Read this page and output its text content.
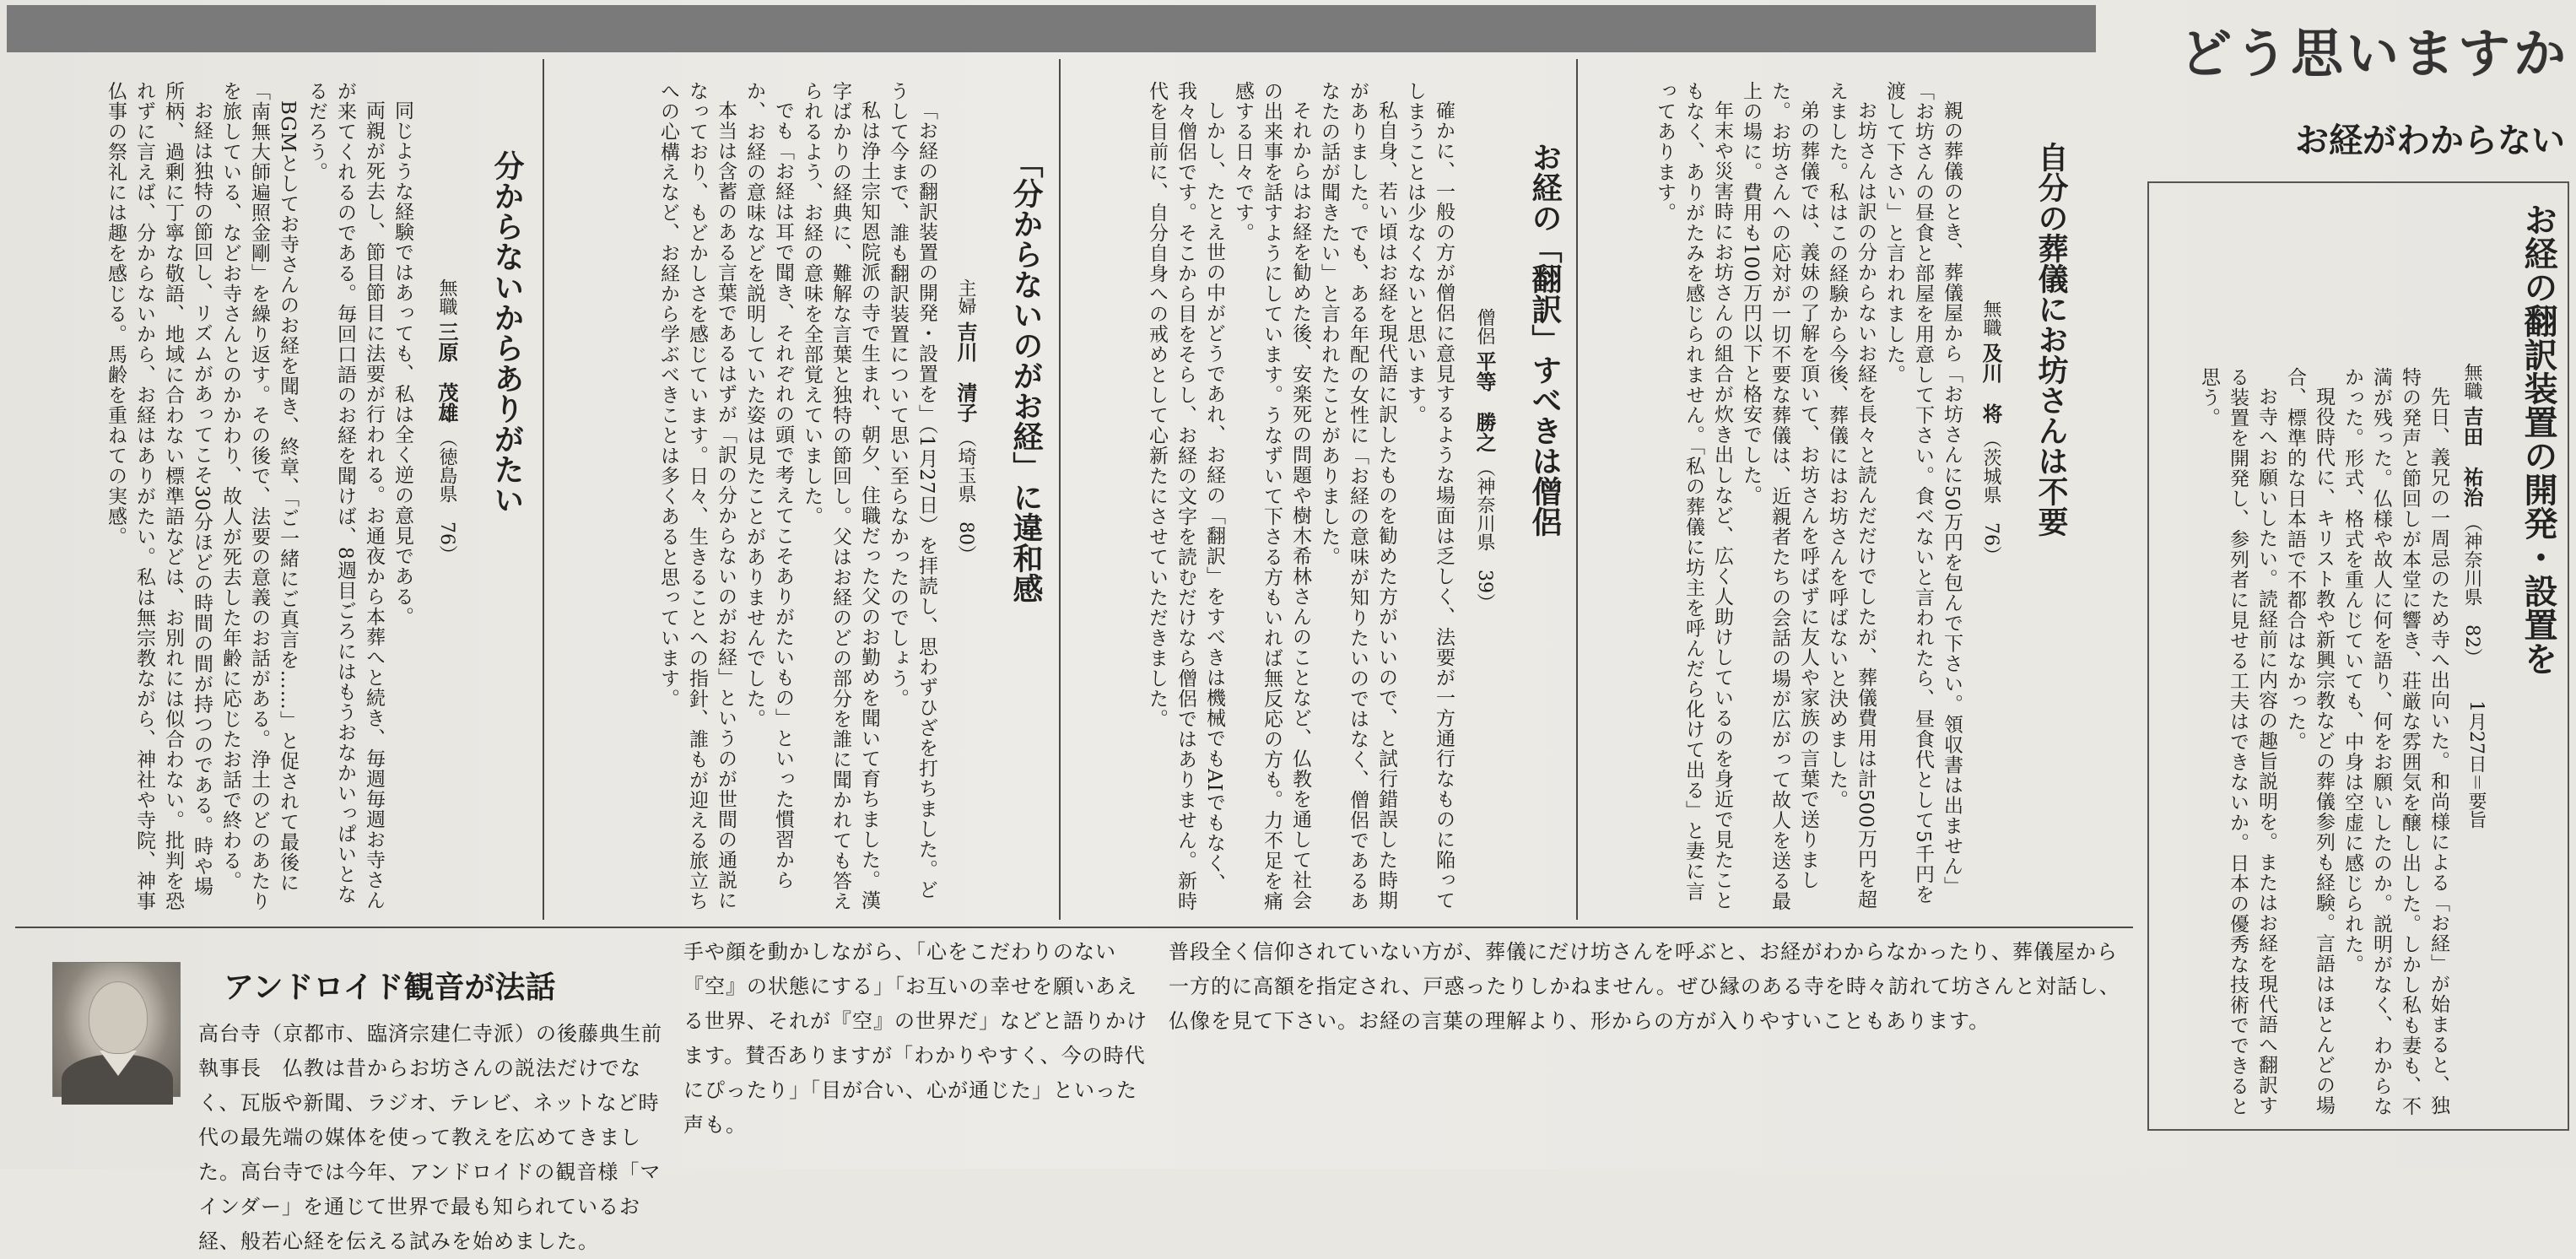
どう思いますか
お経がわからない
お経の翻訳装置の開発・設置を
1月27日＝要旨
無職 吉田　祐治 （神奈川県　82）

先日、義兄の一周忌のため寺へ出向いた。和尚様による「お経」が始まると、独特の発声と節回しが本堂に響き、荘厳な雰囲気を醸し出した。しかし私も妻も、不満が残った。仏様や故人に何を語り、何をお願いしたのか。説明がなく、わからなかった。形式、格式を重んじていても、中身は空虚に感じられた。

現役時代に、キリスト教や新興宗教などの葬儀参列も経験。言語はほとんどの場合、標準的な日本語で不都合はなかった。

お寺へお願いしたい。読経前に内容の趣旨説明を。またはお経を現代語へ翻訳する装置を開発し、参列者に見せる工夫はできないか。日本の優秀な技術でできると思う。

自分の葬儀にお坊さんは不要
無職 及川　将 （茨城県　76）

親の葬儀のとき、葬儀屋から「お坊さんに50万円を包んで下さい。領収書は出ません」「お坊さんの昼食と部屋を用意して下さい。食べないと言われたら、昼食代として5千円を渡して下さい」と言われました。

お坊さんは訳の分からないお経を長々と読んだだけでしたが、葬儀費用は計500万円を超えました。私はこの経験から今後、葬儀にはお坊さんを呼ばないと決めました。

弟の葬儀では、義妹の了解を頂いて、お坊さんを呼ばずに友人や家族の言葉で送りました。お坊さんへの応対が一切不要な葬儀は、近親者たちの会話の場が広がって故人を送る最上の場に。費用も100万円以下と格安でした。

年末や災害時にお坊さんの組合が炊き出しなど、広く人助けしているのを身近で見たこともなく、ありがたみを感じられません。「私の葬儀に坊主を呼んだら化けて出る」と妻に言ってあります。

お経の「翻訳」すべきは僧侶
僧侶 平等　勝之 （神奈川県　39）

確かに、一般の方が僧侶に意見するような場面は乏しく、法要が一方通行なものに陥ってしまうことは少なくないと思います。

私自身、若い頃はお経を現代語に訳したものを勧めた方がいいので、と試行錯誤した時期がありました。でも、ある年配の女性に「お経の意味が知りたいのではなく、僧侶であるあなたの話が聞きたい」と言われたことがありました。

それからはお経を勧めた後、安楽死の問題や樹木希林さんのことなど、仏教を通して社会の出来事を話すようにしています。うなずいて下さる方もいれば無反応の方も。力不足を痛感する日々です。

しかし、たとえ世の中がどうであれ、お経の「翻訳」をすべきは機械でもAIでもなく、我々僧侶です。そこから目をそらし、お経の文字を読むだけなら僧侶ではありません。新時代を目前に、自分自身への戒めとして心新たにさせていただきました。

「分からないのがお経」に違和感
主婦 吉川　清子 （埼玉県　80）

「お経の翻訳装置の開発・設置を」（1月27日）を拝読し、思わずひざを打ちました。どうして今まで、誰も翻訳装置について思い至らなかったのでしょう。

私は浄土宗知恩院派の寺で生まれ、朝夕、住職だった父のお勤めを聞いて育ちました。漢字ばかりの経典に、難解な言葉と独特の節回し。父はお経のどの部分を誰に聞かれても答えられるよう、お経の意味を全部覚えていました。

でも「お経は耳で聞き、それぞれの頭で考えてこそありがたいもの」といった慣習からか、お経の意味などを説明していた姿は見たことがありませんでした。

本当は含蓄のある言葉であるはずが「訳の分からないのがお経」というのが世間の通説になっており、もどかしさを感じています。日々、生きることへの指針、誰もが迎える旅立ちへの心構えなど、お経から学ぶべきことは多くあると思っています。

分からないからありがたい
無職 三原　茂雄 （徳島県　76）

同じような経験ではあっても、私は全く逆の意見である。

両親が死去し、節目節目に法要が行われる。お通夜から本葬へと続き、毎週毎週お寺さんが来てくれるのである。毎回口語のお経を聞けば、8週目ごろにはもうおなかいっぱいとなるだろう。

BGMとしてお寺さんのお経を聞き、終章、「ご一緒にご真言を……」と促されて最後に「南無大師遍照金剛」を繰り返す。その後で、法要の意義のお話がある。浄土のどのあたりを旅している、などお寺さんとのかかわり、故人が死去した年齢に応じたお話で終わる。

お経は独特の節回し、リズムがあってこそ30分ほどの時間の間が持つのである。時や場所柄、過剰に丁寧な敬語、地域に合わない標準語などは、お別れには似合わない。批判を恐れずに言えば、分からないから、お経はありがたい。私は無宗教ながら、神社や寺院、神事仏事の祭礼には趣を感じる。馬齢を重ねての実感。

アンドロイド観音が法話
高台寺（京都市、臨済宗建仁寺派）の後藤典生前執事長　仏教は昔からお坊さんの説法だけでなく、瓦版や新聞、ラジオ、テレビ、ネットなど時代の最先端の媒体を使って教えを広めてきました。高台寺では今年、アンドロイドの観音様「マインダー」を通じて世界で最も知られているお経、般若心経を伝える試みを始めました。
手や顔を動かしながら、「心をこだわりのない『空』の状態にする」「お互いの幸せを願いあえる世界、それが『空』の世界だ」などと語りかけます。賛否ありますが「わかりやすく、今の時代にぴったり」「目が合い、心が通じた」といった声も。
普段全く信仰されていない方が、葬儀にだけ坊さんを呼ぶと、お経がわからなかったり、葬儀屋から一方的に高額を指定され、戸惑ったりしかねません。ぜひ縁のある寺を時々訪れて坊さんと対話し、仏像を見て下さい。お経の言葉の理解より、形からの方が入りやすいこともあります。
